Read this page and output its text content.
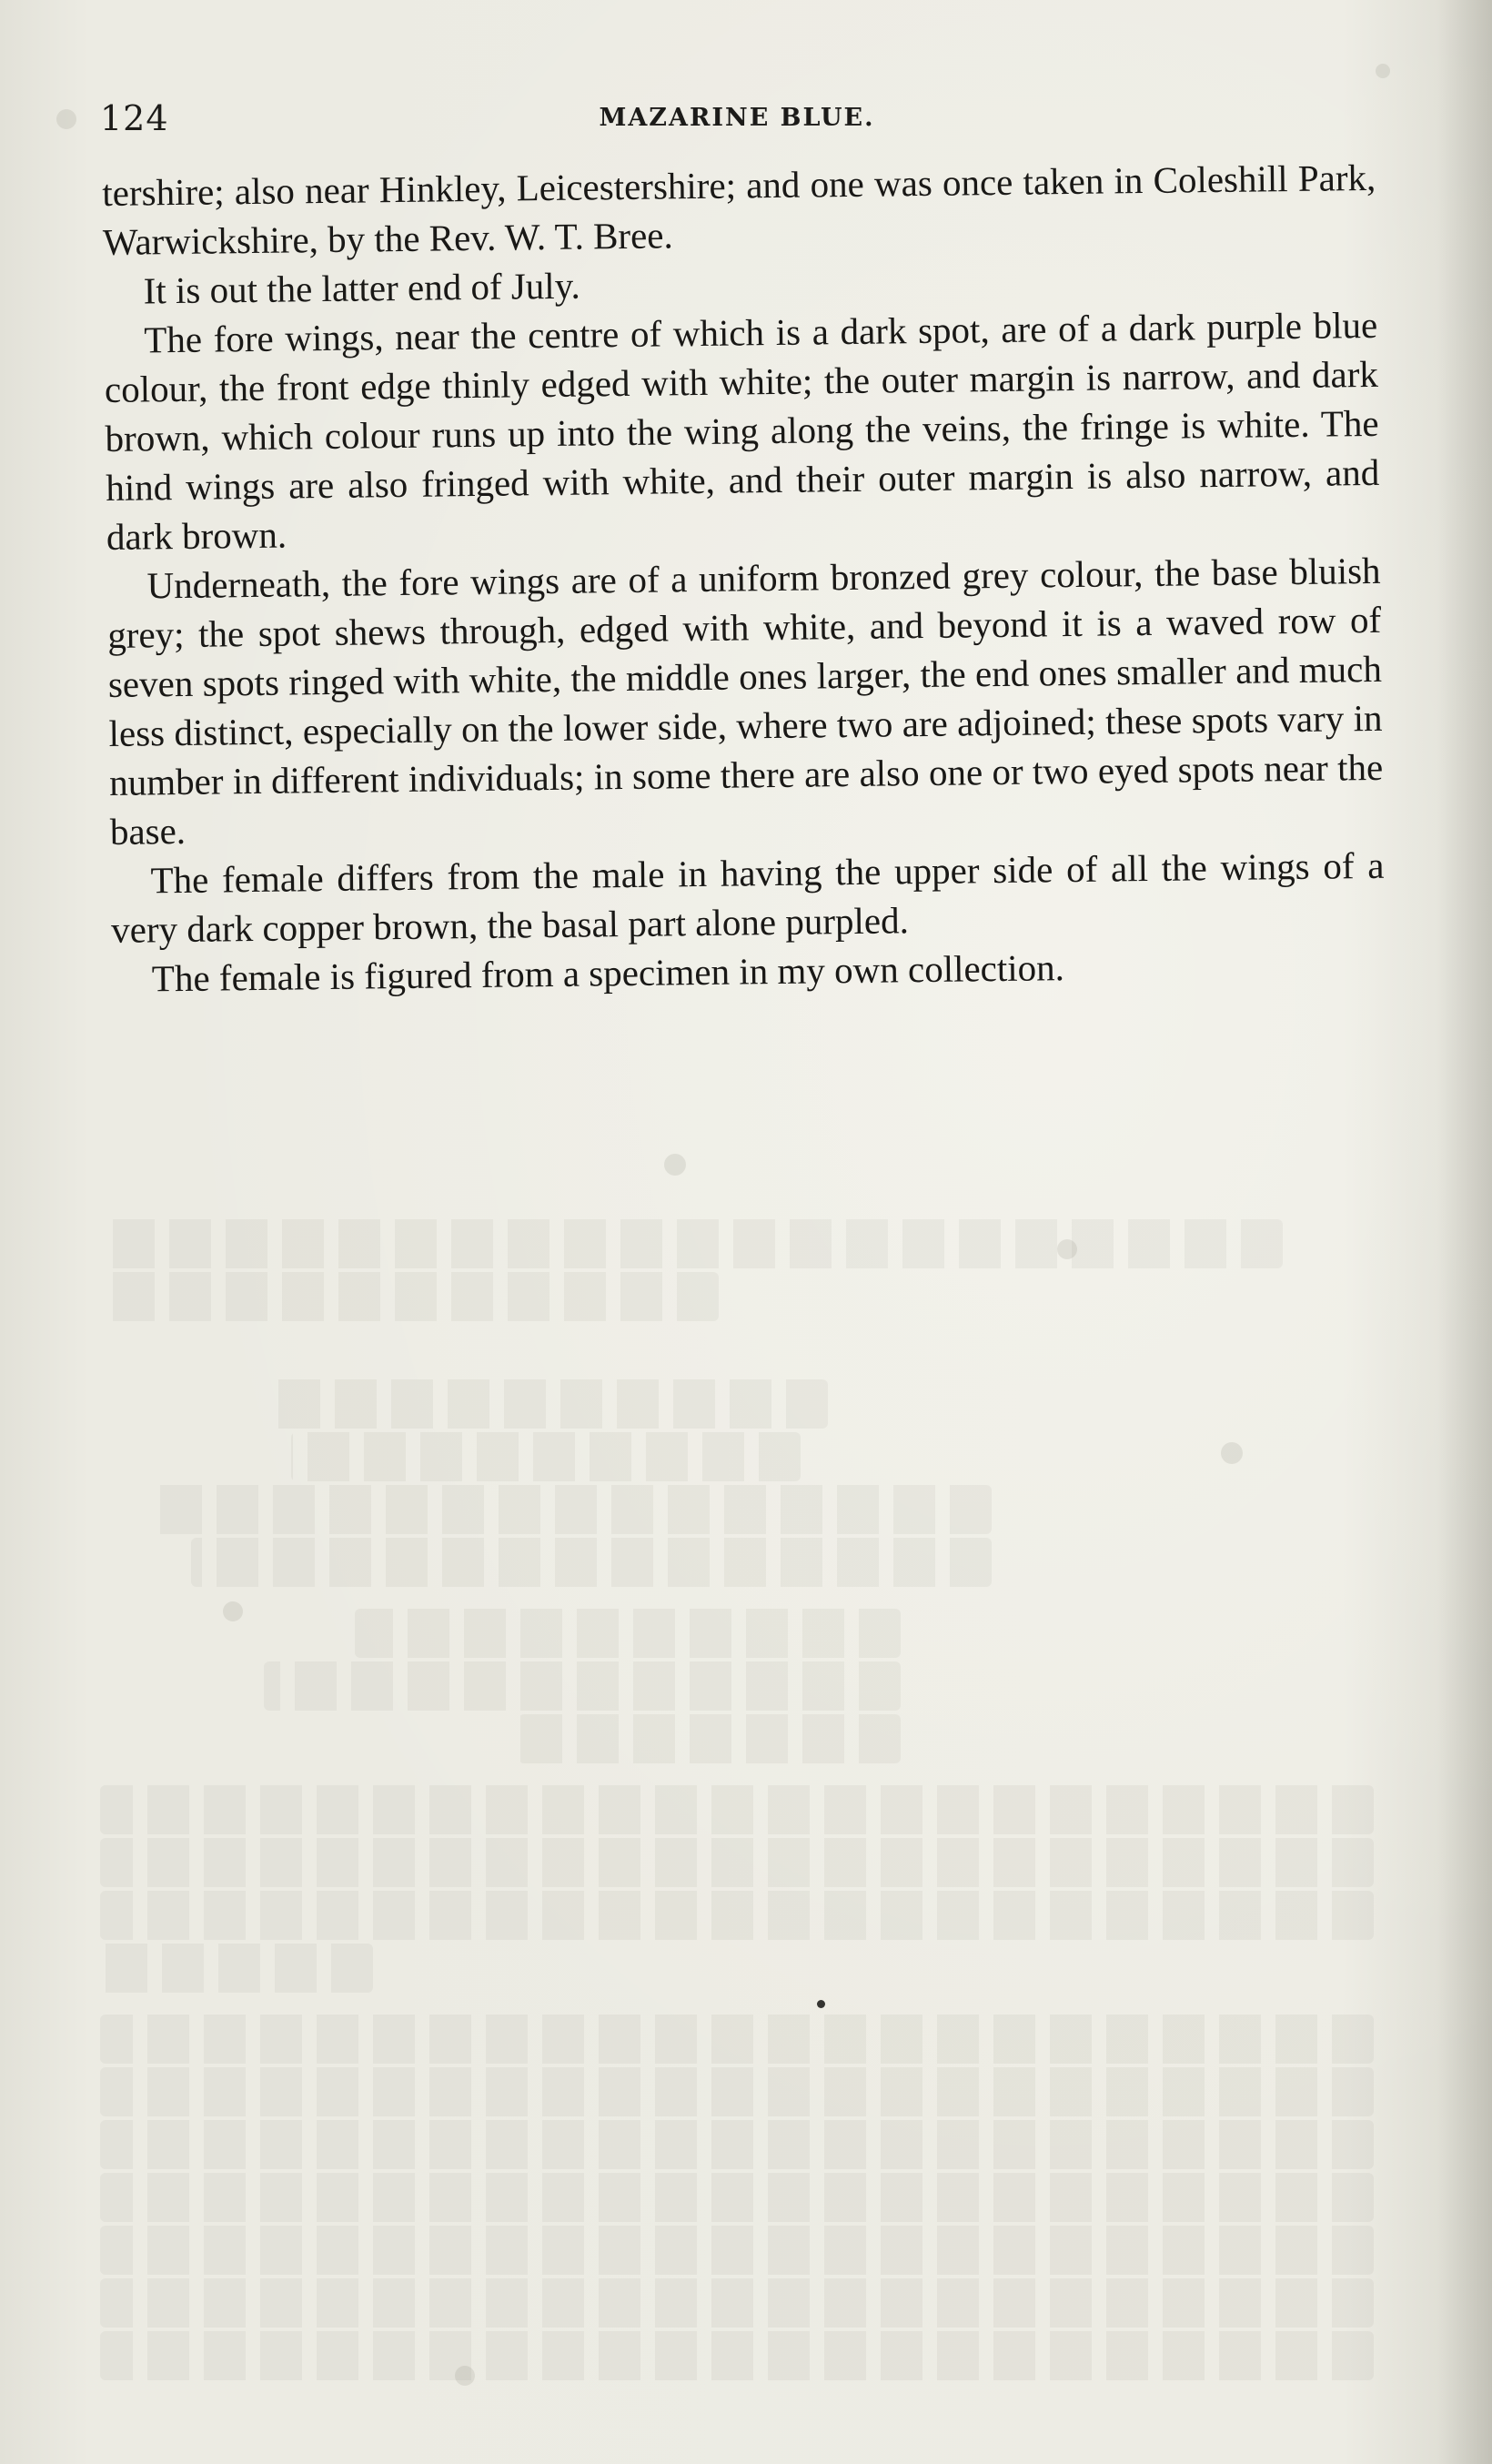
124	MAZARINE BLUE.

tershire; also near Hinkley, Leicestershire; and one was once taken in Coleshill Park, Warwickshire, by the Rev. W. T. Bree.

It is out the latter end of July.

The fore wings, near the centre of which is a dark spot, are of a dark purple blue colour, the front edge thinly edged with white; the outer margin is narrow, and dark brown, which colour runs up into the wing along the veins, the fringe is white. The hind wings are also fringed with white, and their outer margin is also narrow, and dark brown.

Underneath, the fore wings are of a uniform bronzed grey colour, the base bluish grey; the spot shews through, edged with white, and beyond it is a waved row of seven spots ringed with white, the middle ones larger, the end ones smaller and much less distinct, especially on the lower side, where two are adjoined; these spots vary in number in different individuals; in some there are also one or two eyed spots near the base.

The female differs from the male in having the upper side of all the wings of a very dark copper brown, the basal part alone purpled.

The female is figured from a specimen in my own collection.
